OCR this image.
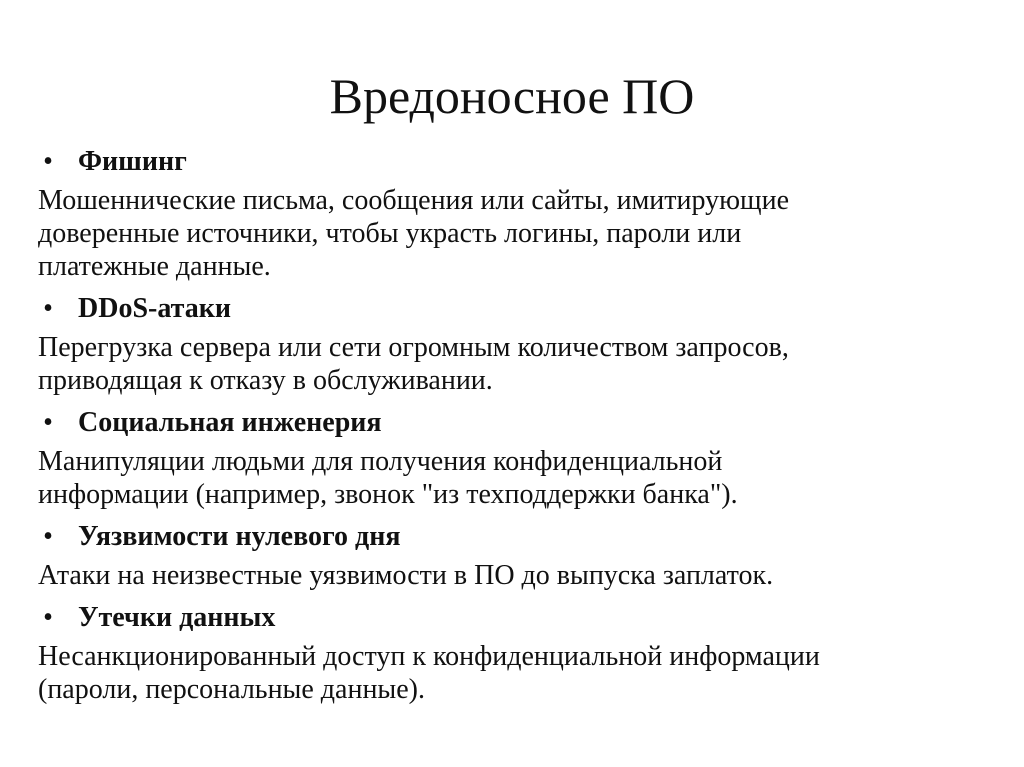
Вредоносное ПО

• Фишинг

Мошеннические письма, сообщения или сайты, имитирующие
доверенные источники, чтобы украсть логины, пароли или
платежные данные.

• DDoS-атаки

Перегрузка сервера или сети огромным количеством запросов,
приводящая к отказу в обслуживании.

• Социальная инженерия

Манипуляции людьми для получения конфиденциальной
информации (например, звонок "из техподдержки банка").

• Уязвимости нулевого дня

Атаки на неизвестные уязвимости в ПО до выпуска заплаток.

• Утечки данных

Несанкционированный доступ к конфиденциальной информации
(пароли, персональные данные).
